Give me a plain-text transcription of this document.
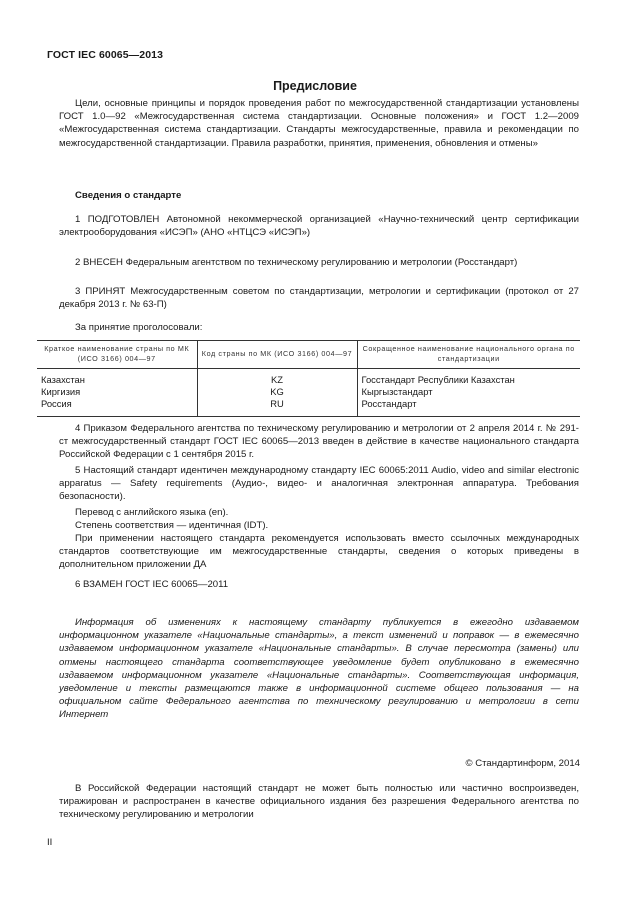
ГОСТ IEC 60065—2013
Предисловие

Цели, основные принципы и порядок проведения работ по межгосударственной стандартизации установлены ГОСТ 1.0—92 «Межгосударственная система стандартизации. Основные положения» и ГОСТ 1.2—2009 «Межгосударственная система стандартизации. Стандарты межгосударственные, правила и рекомендации по межгосударственной стандартизации. Правила разработки, принятия, применения, обновления и отмены»

Сведения о стандарте

1 ПОДГОТОВЛЕН Автономной некоммерческой организацией «Научно-технический центр сертификации электрооборудования «ИСЭП» (АНО «НТЦСЭ «ИСЭП»)

2 ВНЕСЕН Федеральным агентством по техническому регулированию и метрологии (Росстандарт)

3 ПРИНЯТ Межгосударственным советом по стандартизации, метрологии и сертификации (протокол от 27 декабря 2013 г. № 63-П)

За принятие проголосовали:
Краткое наименование страны по МК (ИСО 3166) 004—97	Код страны по МК (ИСО 3166) 004—97	Сокращенное наименование национального органа по стандартизации
Казахстан	KZ	Госстандарт Республики Казахстан
Киргизия	KG	Кыргызстандарт
Россия	RU	Росстандарт

4 Приказом Федерального агентства по техническому регулированию и метрологии от 2 апреля 2014 г. № 291-ст межгосударственный стандарт ГОСТ IEC 60065—2013 введен в действие в качестве национального стандарта Российской Федерации с 1 сентября 2015 г.

5 Настоящий стандарт идентичен международному стандарту IEC 60065:2011 Audio, video and similar electronic apparatus — Safety requirements (Аудио-, видео- и аналогичная электронная аппаратура. Требования безопасности).

Перевод с английского языка (en).
Степень соответствия — идентичная (IDT).

При применении настоящего стандарта рекомендуется использовать вместо ссылочных международных стандартов соответствующие им межгосударственные стандарты, сведения о которых приведены в дополнительном приложении ДА

6 ВЗАМЕН ГОСТ IEC 60065—2011

Информация об изменениях к настоящему стандарту публикуется в ежегодно издаваемом информационном указателе «Национальные стандарты», а текст изменений и поправок — в ежемесячно издаваемом информационном указателе «Национальные стандарты». В случае пересмотра (замены) или отмены настоящего стандарта соответствующее уведомление будет опубликовано в ежемесячно издаваемом информационном указателе «Национальные стандарты». Соответствующая информация, уведомление и тексты размещаются также в информационной системе общего пользования — на официальном сайте Федерального агентства по техническому регулированию и метрологии в сети Интернет

© Стандартинформ, 2014

В Российской Федерации настоящий стандарт не может быть полностью или частично воспроизведен, тиражирован и распространен в качестве официального издания без разрешения Федерального агентства по техническому регулированию и метрологии

II
